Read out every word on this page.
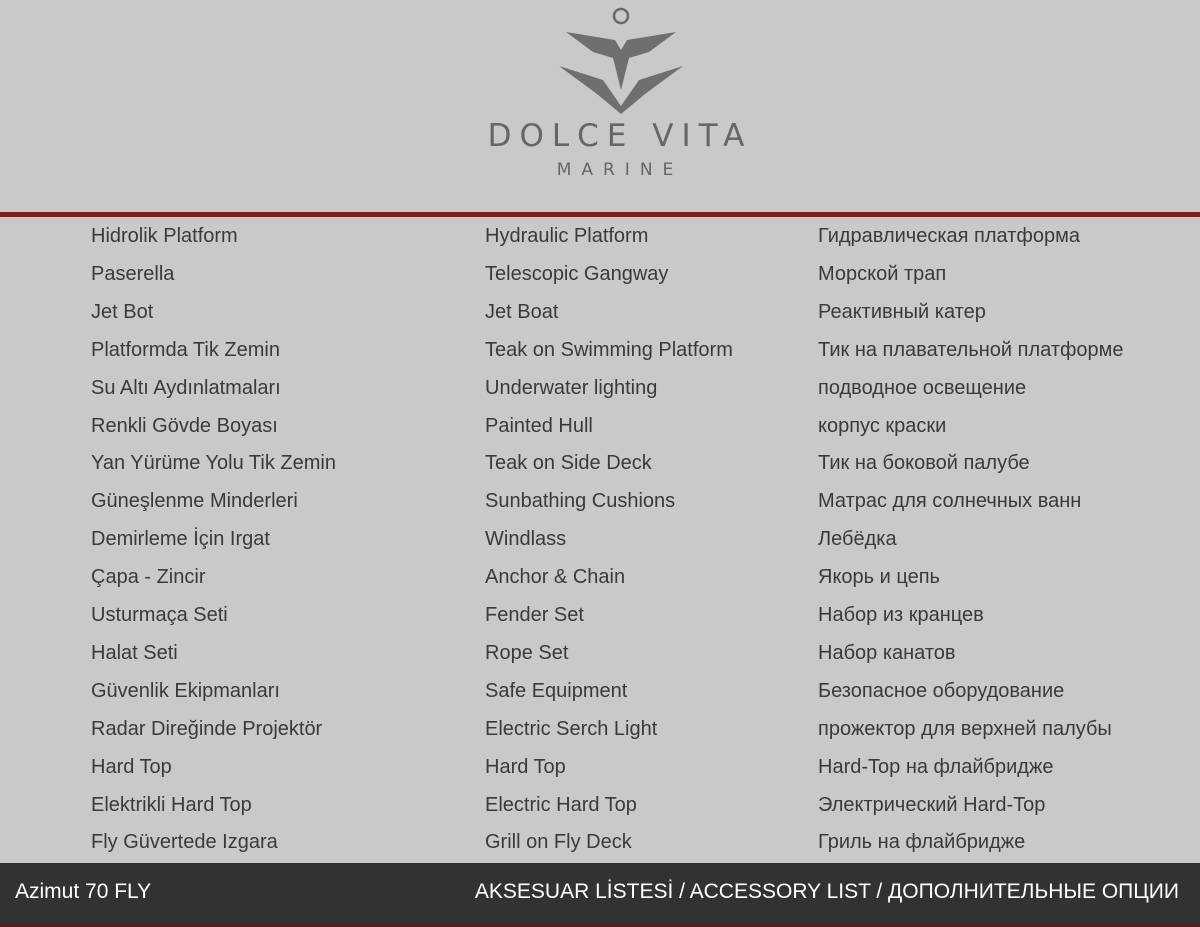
DOLCE VITA
MARINE
Hidrolik Platform	Hydraulic Platform	Гидравлическая платформа
Paserella	Telescopic Gangway	Морской трап
Jet Bot	Jet Boat	Реактивный катер
Platformda Tik Zemin	Teak on Swimming Platform	Тик на плавательной платформе
Su Altı Aydınlatmaları	Underwater lighting	подводное освещение
Renkli Gövde Boyası	Painted Hull	корпус краски
Yan Yürüme Yolu Tik Zemin	Teak on Side Deck	Тик на боковой палубе
Güneşlenme Minderleri	Sunbathing Cushions	Матрас для солнечных ванн
Demirleme İçin Irgat	Windlass	Лебёдка
Çapa - Zincir	Anchor & Chain	Якорь и цепь
Usturmaça Seti	Fender Set	Набор из кранцев
Halat Seti	Rope Set	Набор канатов
Güvenlik Ekipmanları	Safe Equipment	Безопасное оборудование
Radar Direğinde Projektör	Electric Serch Light	прожектор для верхней палубы
Hard Top	Hard Top	Hard-Top на флайбридже
Elektrikli Hard Top	Electric Hard Top	Электрический Hard-Top
Fly Güvertede Izgara	Grill on Fly Deck	Гриль на флайбридже
Azimut 70 FLY	AKSESUAR LİSTESİ / ACCESSORY LIST / ДОПОЛНИТЕЛЬНЫЕ ОПЦИИ
